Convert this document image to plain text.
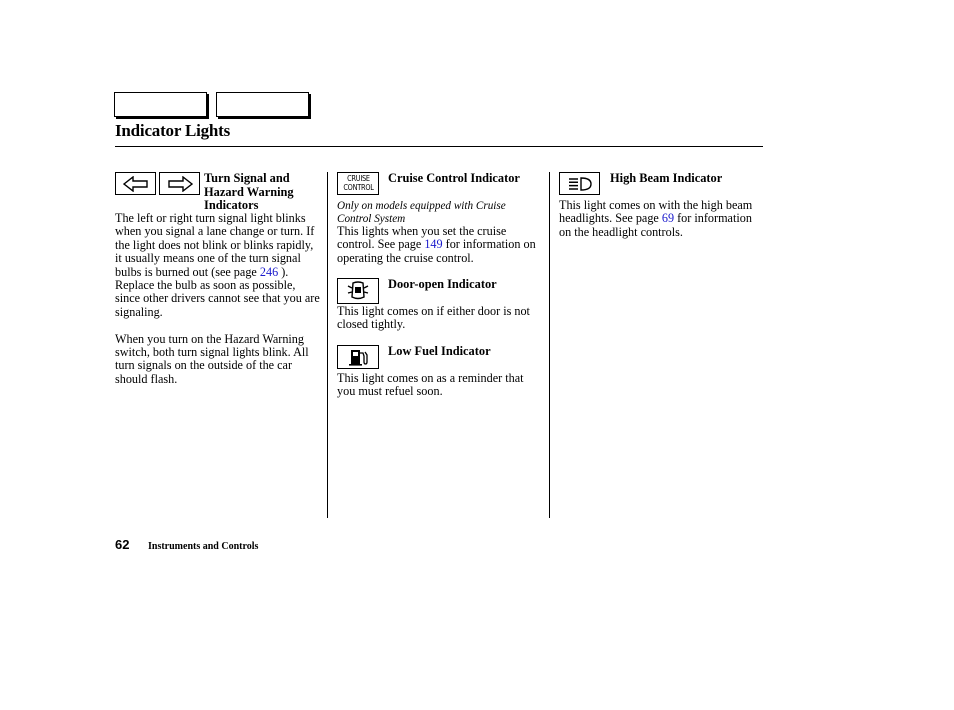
Indicator Lights
Turn Signal and
Hazard Warning
Indicators

The left or right turn signal light blinks when you signal a lane change or turn. If the light does not blink or blinks rapidly, it usually means one of the turn signal bulbs is burned out (see page 246 ). Replace the bulb as soon as possible, since other drivers cannot see that you are signaling.

When you turn on the Hazard Warning switch, both turn signal lights blink. All turn signals on the outside of the car should flash.

CRUISE
CONTROL
Cruise Control Indicator
Only on models equipped with Cruise Control System

This lights when you set the cruise control. See page 149 for information on operating the cruise control.

Door-open Indicator
This light comes on if either door is not closed tightly.
Low Fuel Indicator
This light comes on as a reminder that you must refuel soon.
High Beam Indicator

This light comes on with the high beam headlights. See page 69 for information on the headlight controls.

62 Instruments and Controls
